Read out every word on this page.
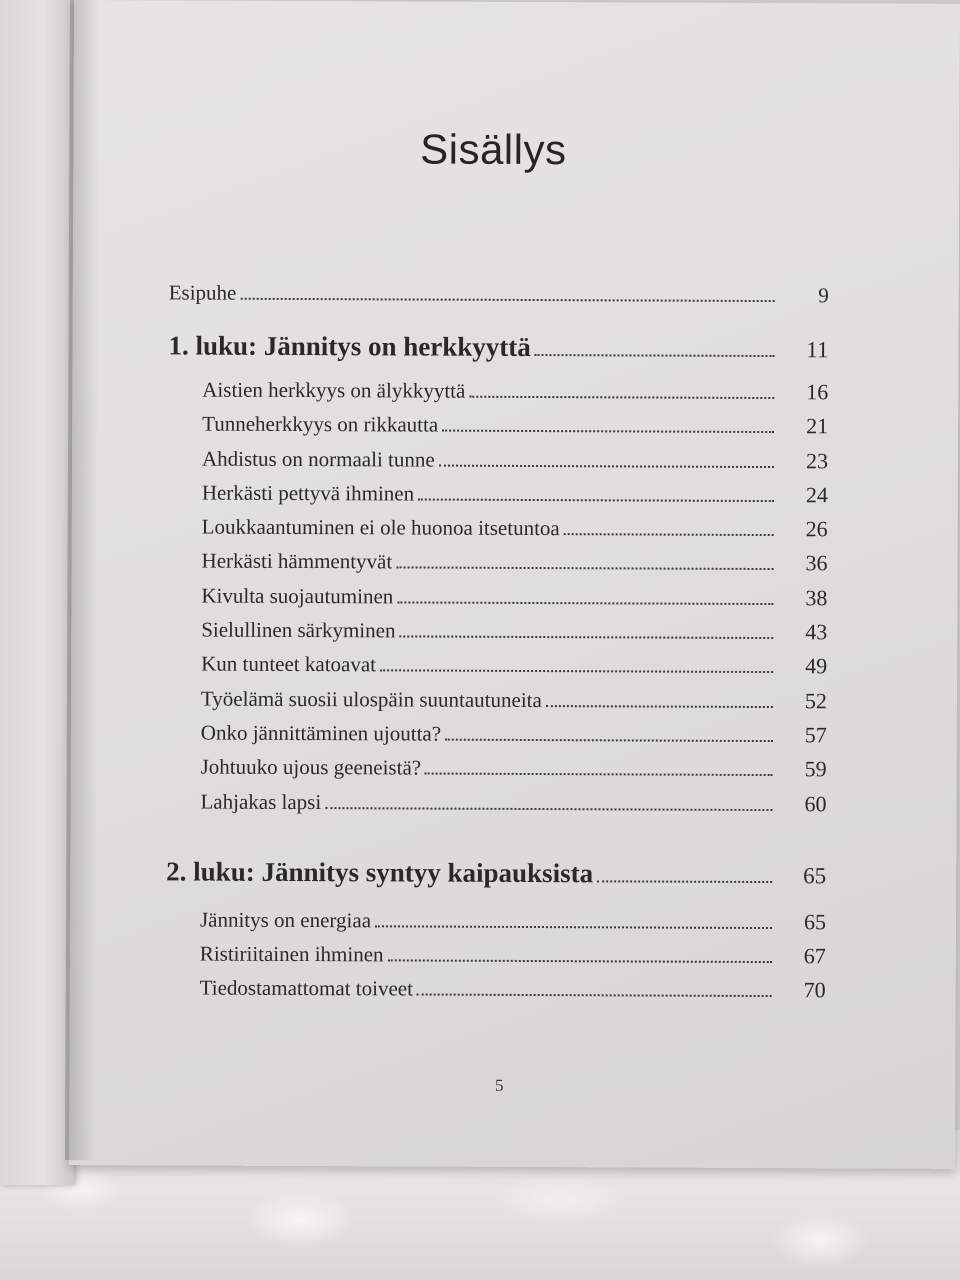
Sisällys
Esipuhe	9
1. luku: Jännitys on herkkyyttä	11
Aistien herkkyys on älykkyyttä	16
Tunneherkkyys on rikkautta	21
Ahdistus on normaali tunne	23
Herkästi pettyvä ihminen	24
Loukkaantuminen ei ole huonoa itsetuntoa	26
Herkästi hämmentyvät	36
Kivulta suojautuminen	38
Sielullinen särkyminen	43
Kun tunteet katoavat	49
Työelämä suosii ulospäin suuntautuneita	52
Onko jännittäminen ujoutta?	57
Johtuuko ujous geeneistä?	59
Lahjakas lapsi	60
2. luku: Jännitys syntyy kaipauksista	65
Jännitys on energiaa	65
Ristiriitainen ihminen	67
Tiedostamattomat toiveet	70
5
